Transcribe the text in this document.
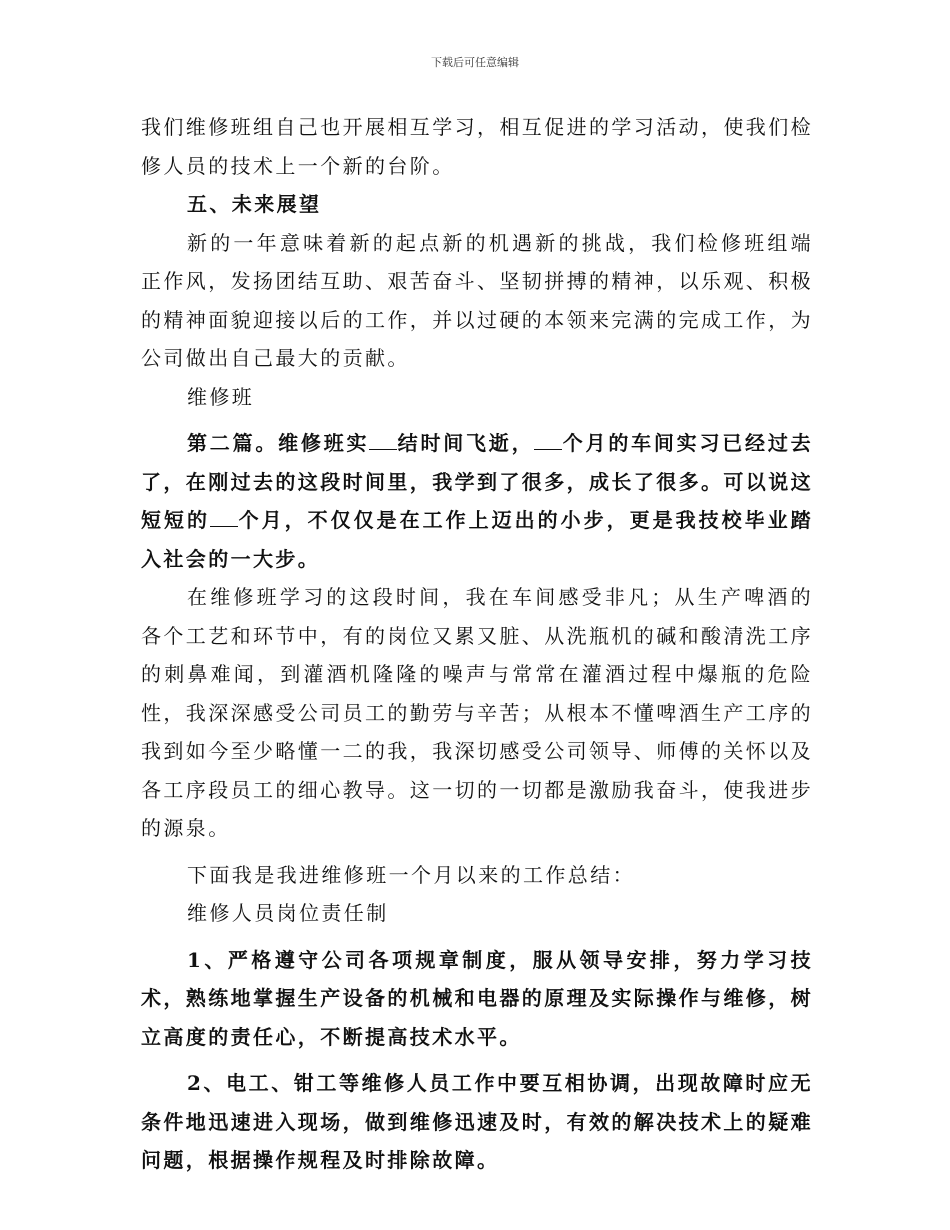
下载后可任意编辑

我们维修班组自己也开展相互学习，相互促进的学习活动，使我们检修人员的技术上一个新的台阶。

五、未来展望

新的一年意味着新的起点新的机遇新的挑战，我们检修班组端正作风，发扬团结互助、艰苦奋斗、坚韧拼搏的精神，以乐观、积极的精神面貌迎接以后的工作，并以过硬的本领来完满的完成工作，为公司做出自己最大的贡献。

维修班

第二篇。维修班实 结时间飞逝， 个月的车间实习已经过去了，在刚过去的这段时间里，我学到了很多，成长了很多。可以说这短短的 个月，不仅仅是在工作上迈出的小步，更是我技校毕业踏入社会的一大步。

在维修班学习的这段时间，我在车间感受非凡；从生产啤酒的各个工艺和环节中，有的岗位又累又脏、从洗瓶机的碱和酸清洗工序的刺鼻难闻，到灌酒机隆隆的噪声与常常在灌酒过程中爆瓶的危险性，我深深感受公司员工的勤劳与辛苦；从根本不懂啤酒生产工序的我到如今至少略懂一二的我，我深切感受公司领导、师傅的关怀以及各工序段员工的细心教导。这一切的一切都是激励我奋斗，使我进步的源泉。

下面我是我进维修班一个月以来的工作总结：

维修人员岗位责任制

1、严格遵守公司各项规章制度，服从领导安排，努力学习技术，熟练地掌握生产设备的机械和电器的原理及实际操作与维修，树立高度的责任心，不断提高技术水平。

2、电工、钳工等维修人员工作中要互相协调，出现故障时应无条件地迅速进入现场，做到维修迅速及时，有效的解决技术上的疑难问题，根据操作规程及时排除故障。
